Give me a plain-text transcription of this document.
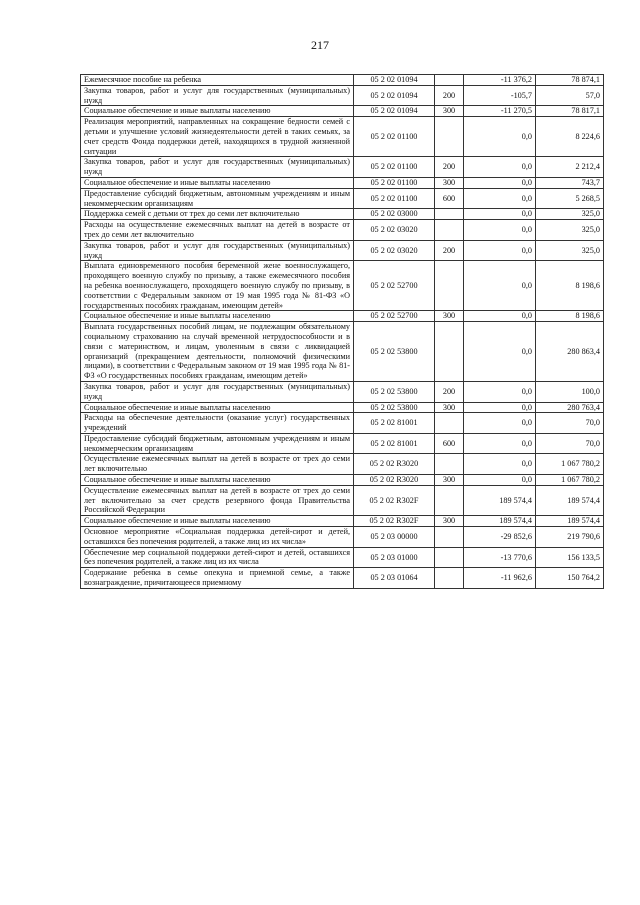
217
Ежемесячное пособие на ребенка	05 2 02 01094		-11 376,2	78 874,1
Закупка товаров, работ и услуг для государственных (муниципальных) нужд	05 2 02 01094	200	-105,7	57,0
Социальное обеспечение и иные выплаты населению	05 2 02 01094	300	-11 270,5	78 817,1
Реализация мероприятий, направленных на сокращение бедности семей с детьми и улучшение условий жизнедеятельности детей в таких семьях, за счет средств Фонда поддержки детей, находящихся в трудной жизненной ситуации	05 2 02 01100		0,0	8 224,6
Закупка товаров, работ и услуг для государственных (муниципальных) нужд	05 2 02 01100	200	0,0	2 212,4
Социальное обеспечение и иные выплаты населению	05 2 02 01100	300	0,0	743,7
Предоставление субсидий бюджетным, автономным учреждениям и иным некоммерческим организациям	05 2 02 01100	600	0,0	5 268,5
Поддержка семей с детьми от трех до семи лет включительно	05 2 02 03000		0,0	325,0
Расходы на осуществление ежемесячных выплат на детей в возрасте от трех до семи лет включительно	05 2 02 03020		0,0	325,0
Закупка товаров, работ и услуг для государственных (муниципальных) нужд	05 2 02 03020	200	0,0	325,0
Выплата единовременного пособия беременной жене военнослужащего, проходящего военную службу по призыву, а также ежемесячного пособия на ребенка военнослужащего, проходящего военную службу по призыву, в соответствии с Федеральным законом от 19 мая 1995 года № 81-ФЗ «О государственных пособиях гражданам, имеющим детей»	05 2 02 52700		0,0	8 198,6
Социальное обеспечение и иные выплаты населению	05 2 02 52700	300	0,0	8 198,6
Выплата государственных пособий лицам, не подлежащим обязательному социальному страхованию на случай временной нетрудоспособности и в связи с материнством, и лицам, уволенным в связи с ликвидацией организаций (прекращением деятельности, полномочий физическими лицами), в соответствии с Федеральным законом от 19 мая 1995 года № 81-ФЗ «О государственных пособиях гражданам, имеющим детей»	05 2 02 53800		0,0	280 863,4
Закупка товаров, работ и услуг для государственных (муниципальных) нужд	05 2 02 53800	200	0,0	100,0
Социальное обеспечение и иные выплаты населению	05 2 02 53800	300	0,0	280 763,4
Расходы на обеспечение деятельности (оказание услуг) государственных учреждений	05 2 02 81001		0,0	70,0
Предоставление субсидий бюджетным, автономным учреждениям и иным некоммерческим организациям	05 2 02 81001	600	0,0	70,0
Осуществление ежемесячных выплат на детей в возрасте от трех до семи лет включительно	05 2 02 R3020		0,0	1 067 780,2
Социальное обеспечение и иные выплаты населению	05 2 02 R3020	300	0,0	1 067 780,2
Осуществление ежемесячных выплат на детей в возрасте от трех до семи лет включительно за счет средств резервного фонда Правительства Российской Федерации	05 2 02 R302F		189 574,4	189 574,4
Социальное обеспечение и иные выплаты населению	05 2 02 R302F	300	189 574,4	189 574,4
Основное мероприятие «Социальная поддержка детей-сирот и детей, оставшихся без попечения родителей, а также лиц из их числа»	05 2 03 00000		-29 852,6	219 790,6
Обеспечение мер социальной поддержки детей-сирот и детей, оставшихся без попечения родителей, а также лиц из их числа	05 2 03 01000		-13 770,6	156 133,5
Содержание ребенка в семье опекуна и приемной семье, а также вознаграждение, причитающееся приемному	05 2 03 01064		-11 962,6	150 764,2
